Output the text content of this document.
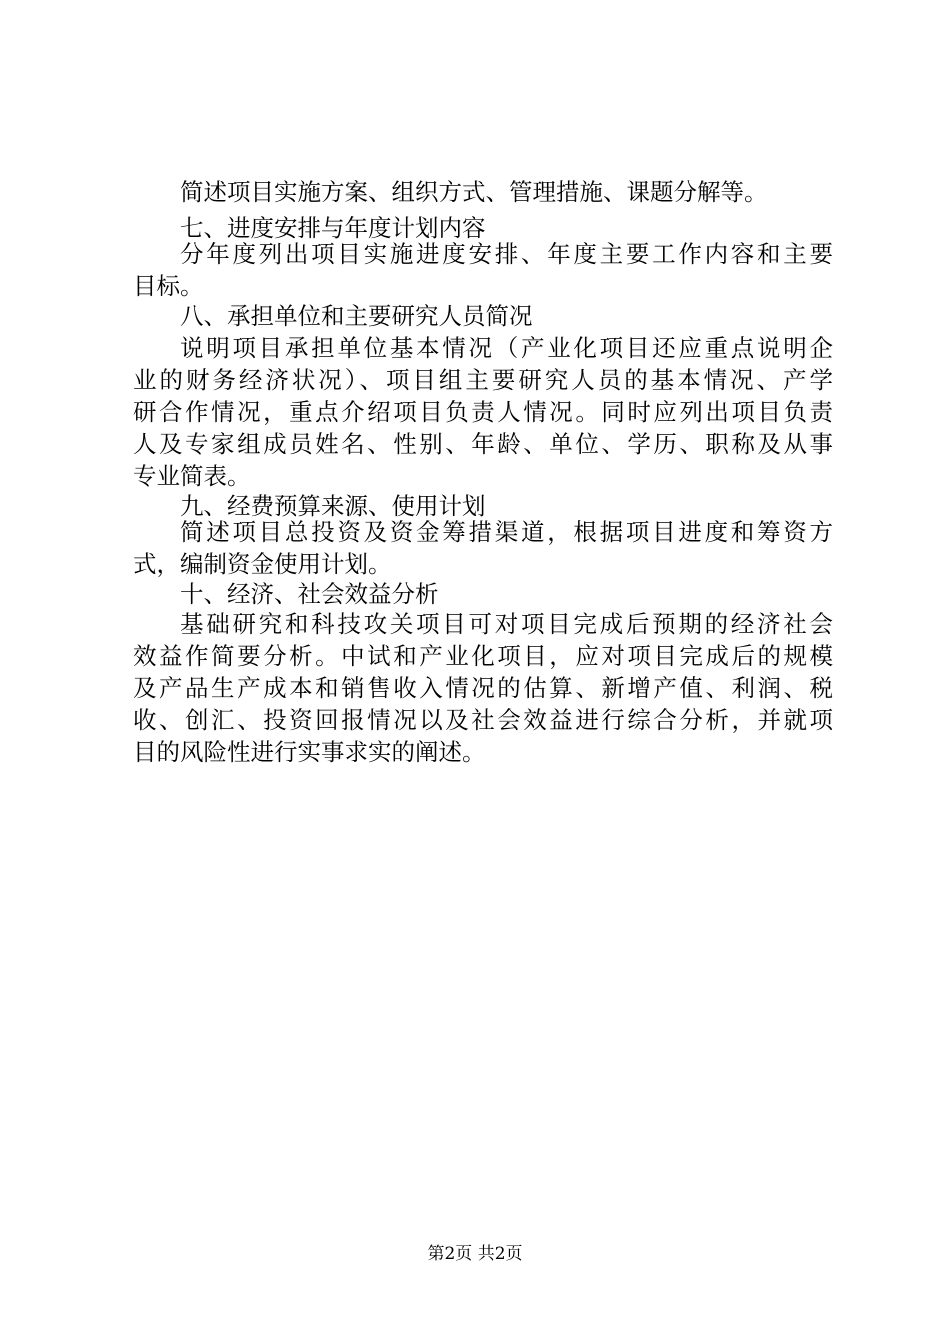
简述项目实施方案、组织方式、管理措施、课题分解等。
七、进度安排与年度计划内容
分年度列出项目实施进度安排、年度主要工作内容和主要
目标。
八、承担单位和主要研究人员简况
说明项目承担单位基本情况（产业化项目还应重点说明企
业的财务经济状况）、项目组主要研究人员的基本情况、产学
研合作情况，重点介绍项目负责人情况。同时应列出项目负责
人及专家组成员姓名、性别、年龄、单位、学历、职称及从事
专业简表。
九、经费预算来源、使用计划
简述项目总投资及资金筹措渠道，根据项目进度和筹资方
式，编制资金使用计划。
十、经济、社会效益分析
基础研究和科技攻关项目可对项目完成后预期的经济社会
效益作简要分析。中试和产业化项目，应对项目完成后的规模
及产品生产成本和销售收入情况的估算、新增产值、利润、税
收、创汇、投资回报情况以及社会效益进行综合分析，并就项
目的风险性进行实事求实的阐述。
第2页 共2页
